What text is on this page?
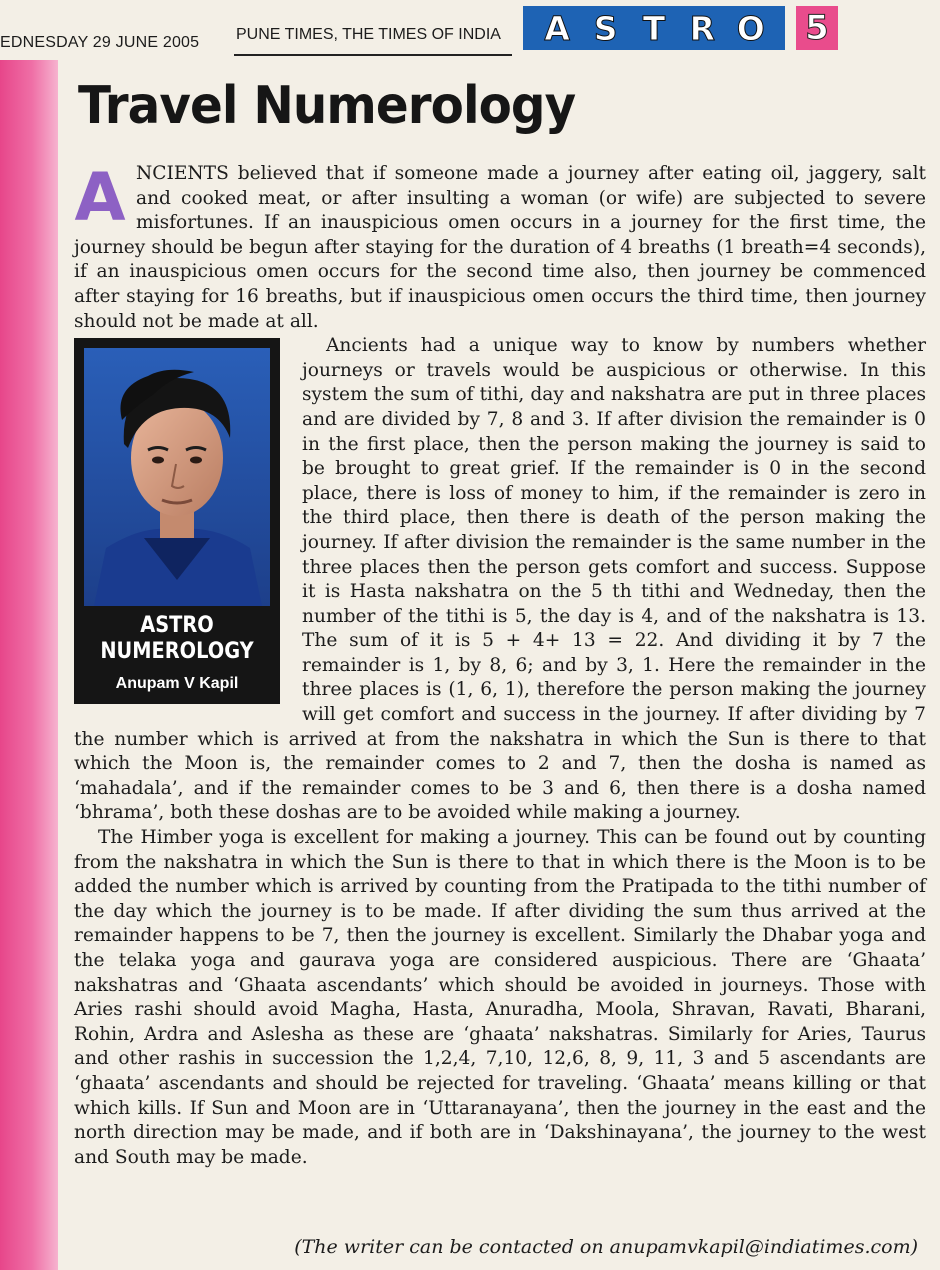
EDNESDAY 29 JUNE 2005 PUNE TIMES, THE TIMES OF INDIA A S T R O 5
Travel Numerology
A NCIENTS believed that if someone made a journey after eating oil, jaggery, salt and cooked meat, or after insulting a woman (or wife) are subjected to severe misfortunes. If an inauspicious omen occurs in a journey for the first time, the journey should be begun after staying for the duration of 4 breaths (1 breath=4 seconds), if an inauspicious omen occurs for the second time also, then journey be commenced after staying for 16 breaths, but if inauspicious omen occurs the third time, then journey should not be made at all.

ASTRO
NUMEROLOGY
Anupam V Kapil

Ancients had a unique way to know by numbers whether journeys or travels would be auspicious or otherwise. In this system the sum of tithi, day and nakshatra are put in three places and are divided by 7, 8 and 3. If after division the remainder is 0 in the first place, then the person making the journey is said to be brought to great grief. If the remainder is 0 in the second place, there is loss of money to him, if the remainder is zero in the third place, then there is death of the person making the journey. If after division the remainder is the same number in the three places then the person gets comfort and success. Suppose it is Hasta nakshatra on the 5 th tithi and Wedneday, then the number of the tithi is 5, the day is 4, and of the nakshatra is 13. The sum of it is 5 + 4+ 13 = 22. And dividing it by 7 the remainder is 1, by 8, 6; and by 3, 1. Here the remainder in the three places is (1, 6, 1), therefore the person making the journey will get comfort and success in the journey. If after dividing by 7 the number which is arrived at from the nakshatra in which the Sun is there to that which the Moon is, the remainder comes to 2 and 7, then the dosha is named as ‘mahadala’, and if the remainder comes to be 3 and 6, then there is a dosha named ‘bhrama’, both these doshas are to be avoided while making a journey.

The Himber yoga is excellent for making a journey. This can be found out by counting from the nakshatra in which the Sun is there to that in which there is the Moon is to be added the number which is arrived by counting from the Pratipada to the tithi number of the day which the journey is to be made. If after dividing the sum thus arrived at the remainder happens to be 7, then the journey is excellent. Similarly the Dhabar yoga and the telaka yoga and gaurava yoga are considered auspicious. There are ‘Ghaata’ nakshatras and ‘Ghaata ascendants’ which should be avoided in journeys. Those with Aries rashi should avoid Magha, Hasta, Anuradha, Moola, Shravan, Ravati, Bharani, Rohin, Ardra and Aslesha as these are ‘ghaata’ nakshatras. Similarly for Aries, Taurus and other rashis in succession the 1,2,4, 7,10, 12,6, 8, 9, 11, 3 and 5 ascendants are ‘ghaata’ ascendants and should be rejected for traveling. ‘Ghaata’ means killing or that which kills. If Sun and Moon are in ‘Uttaranayana’, then the journey in the east and the north direction may be made, and if both are in ‘Dakshinayana’, the journey to the west and South may be made.

(The writer can be contacted on anupamvkapil@indiatimes.com)
